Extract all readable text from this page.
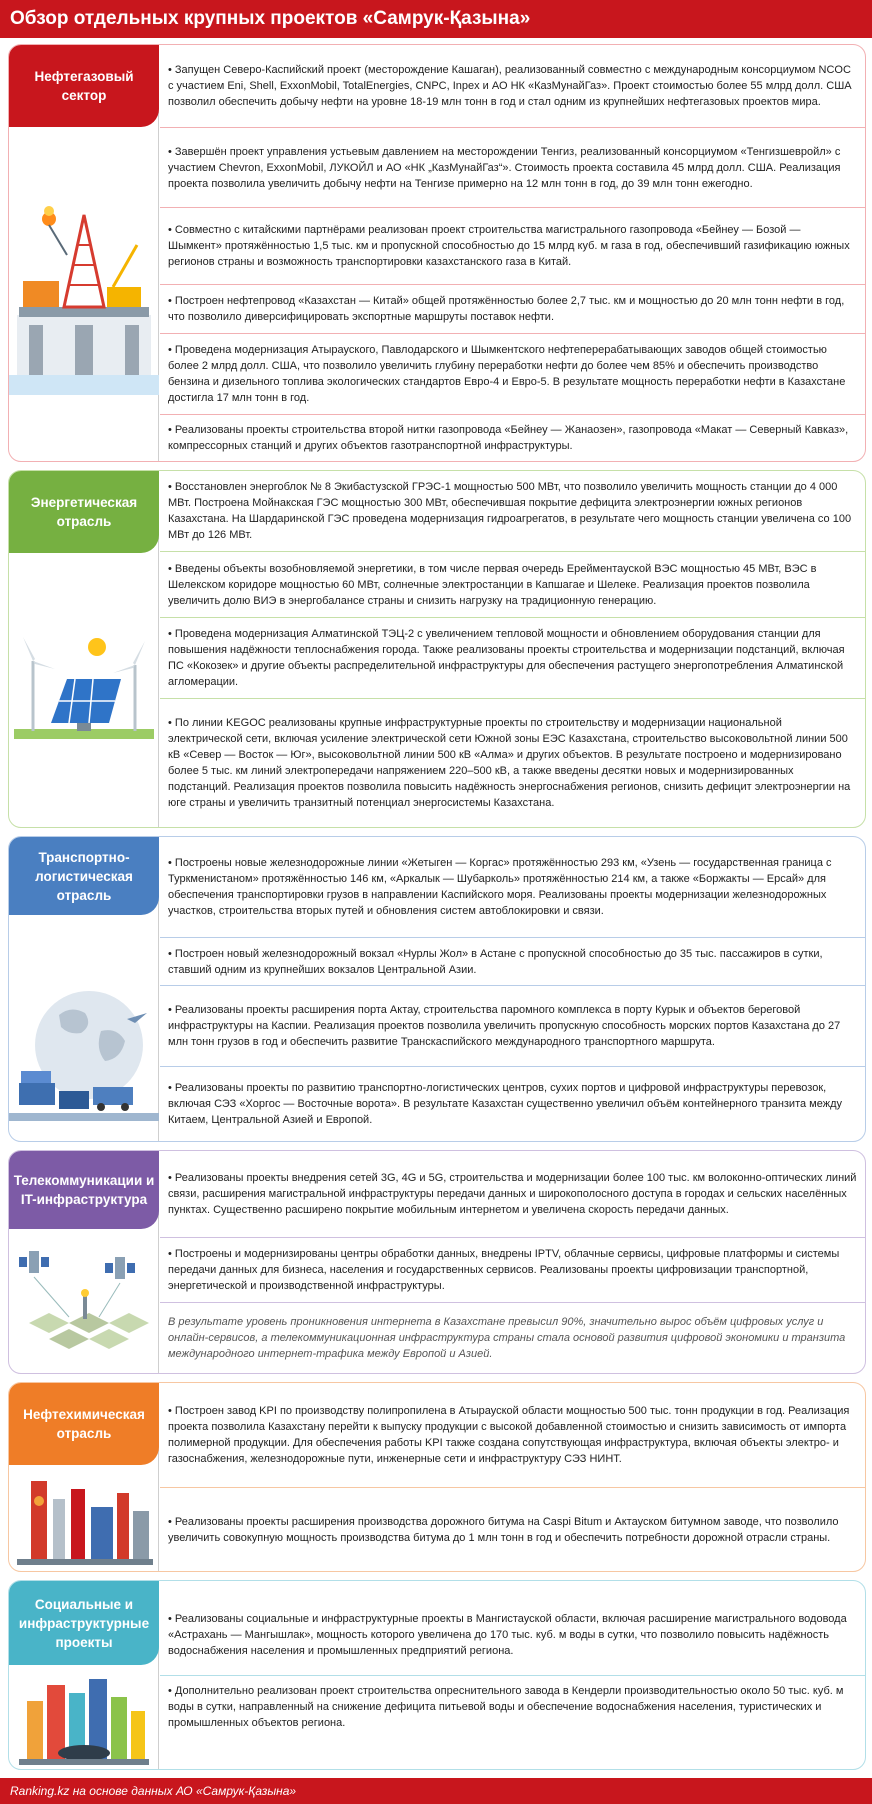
Обзор отдельных крупных проектов «Самрук-Қазына»
Нефтегазовый сектор

• Запущен Северо-Каспийский проект (месторождение Кашаган), реализованный совместно с международным консорциумом NCOC с участием Eni, Shell, ExxonMobil, TotalEnergies, CNPC, Inpex и АО НК «КазМунайГаз». Проект стоимостью более 55 млрд долл. США позволил обеспечить добычу нефти на уровне 18-19 млн тонн в год и стал одним из крупнейших нефтегазовых проектов мира.

• Завершён проект управления устьевым давлением на месторождении Тенгиз, реализованный консорциумом «Тенгизшевройл» с участием Chevron, ExxonMobil, ЛУКОЙЛ и АО «НК „КазМунайГаз“». Стоимость проекта составила 45 млрд долл. США. Реализация проекта позволила увеличить добычу нефти на Тенгизе примерно на 12 млн тонн в год, до 39 млн тонн ежегодно.

• Совместно с китайскими партнёрами реализован проект строительства магистрального газопровода «Бейнеу — Бозой — Шымкент» протяжённостью 1,5 тыс. км и пропускной способностью до 15 млрд куб. м газа в год, обеспечивший газификацию южных регионов страны и возможность транспортировки казахстанского газа в Китай.

• Построен нефтепровод «Казахстан — Китай» общей протяжённостью более 2,7 тыс. км и мощностью до 20 млн тонн нефти в год, что позволило диверсифицировать экспортные маршруты поставок нефти.

• Проведена модернизация Атырауского, Павлодарского и Шымкентского нефтеперерабатывающих заводов общей стоимостью более 2 млрд долл. США, что позволило увеличить глубину переработки нефти до более чем 85% и обеспечить производство бензина и дизельного топлива экологических стандартов Евро-4 и Евро-5. В результате мощность переработки нефти в Казахстане достигла 17 млн тонн в год.

• Реализованы проекты строительства второй нитки газопровода «Бейнеу — Жанаозен», газопровода «Макат — Северный Кавказ», компрессорных станций и других объектов газотранспортной инфраструктуры.

Энергетическая отрасль

• Восстановлен энергоблок № 8 Экибастузской ГРЭС-1 мощностью 500 МВт, что позволило увеличить мощность станции до 4 000 МВт. Построена Мойнакская ГЭС мощностью 300 МВт, обеспечившая покрытие дефицита электроэнергии южных регионов Казахстана. На Шардаринской ГЭС проведена модернизация гидроагрегатов, в результате чего мощность станции увеличена со 100 МВт до 126 МВт.

• Введены объекты возобновляемой энергетики, в том числе первая очередь Ерейментауской ВЭС мощностью 45 МВт, ВЭС в Шелекском коридоре мощностью 60 МВт, солнечные электростанции в Капшагае и Шелеке. Реализация проектов позволила увеличить долю ВИЭ в энергобалансе страны и снизить нагрузку на традиционную генерацию.

• Проведена модернизация Алматинской ТЭЦ-2 с увеличением тепловой мощности и обновлением оборудования станции для повышения надёжности теплоснабжения города. Также реализованы проекты строительства и модернизации подстанций, включая ПС «Кокозек» и другие объекты распределительной инфраструктуры для обеспечения растущего энергопотребления Алматинской агломерации.

• По линии KEGOC реализованы крупные инфраструктурные проекты по строительству и модернизации национальной электрической сети, включая усиление электрической сети Южной зоны ЕЭС Казахстана, строительство высоковольтной линии 500 кВ «Север — Восток — Юг», высоковольтной линии 500 кВ «Алма» и других объектов. В результате построено и модернизировано более 5 тыс. км линий электропередачи напряжением 220–500 кВ, а также введены десятки новых и модернизированных подстанций. Реализация проектов позволила повысить надёжность энергоснабжения регионов, снизить дефицит электроэнергии на юге страны и увеличить транзитный потенциал энергосистемы Казахстана.

Транспортно-логистическая отрасль

• Построены новые железнодорожные линии «Жетыген — Коргас» протяжённостью 293 км, «Узень — государственная граница с Туркменистаном» протяжённостью 146 км, «Аркалык — Шубарколь» протяжённостью 214 км, а также «Боржакты — Ерсай» для обеспечения транспортировки грузов в направлении Каспийского моря. Реализованы проекты модернизации железнодорожных участков, строительства вторых путей и обновления систем автоблокировки и связи.

• Построен новый железнодорожный вокзал «Нурлы Жол» в Астане с пропускной способностью до 35 тыс. пассажиров в сутки, ставший одним из крупнейших вокзалов Центральной Азии.

• Реализованы проекты расширения порта Актау, строительства паромного комплекса в порту Курык и объектов береговой инфраструктуры на Каспии. Реализация проектов позволила увеличить пропускную способность морских портов Казахстана до 27 млн тонн грузов в год и обеспечить развитие Транскаспийского международного транспортного маршрута.

• Реализованы проекты по развитию транспортно-логистических центров, сухих портов и цифровой инфраструктуры перевозок, включая СЭЗ «Хоргос — Восточные ворота». В результате Казахстан существенно увеличил объём контейнерного транзита между Китаем, Центральной Азией и Европой.

Телекоммуникации и IT-инфраструктура

• Реализованы проекты внедрения сетей 3G, 4G и 5G, строительства и модернизации более 100 тыс. км волоконно-оптических линий связи, расширения магистральной инфраструктуры передачи данных и широкополосного доступа в городах и сельских населённых пунктах. Существенно расширено покрытие мобильным интернетом и увеличена скорость передачи данных.

• Построены и модернизированы центры обработки данных, внедрены IPTV, облачные сервисы, цифровые платформы и системы передачи данных для бизнеса, населения и государственных сервисов. Реализованы проекты цифровизации транспортной, энергетической и производственной инфраструктуры.

В результате уровень проникновения интернета в Казахстане превысил 90%, значительно вырос объём цифровых услуг и онлайн-сервисов, а телекоммуникационная инфраструктура страны стала основой развития цифровой экономики и транзита международного интернет-трафика между Европой и Азией.

Нефтехимическая отрасль

• Построен завод KPI по производству полипропилена в Атырауской области мощностью 500 тыс. тонн продукции в год. Реализация проекта позволила Казахстану перейти к выпуску продукции с высокой добавленной стоимостью и снизить зависимость от импорта полимерной продукции. Для обеспечения работы KPI также создана сопутствующая инфраструктура, включая объекты электро- и газоснабжения, железнодорожные пути, инженерные сети и инфраструктуру СЭЗ НИНТ.

• Реализованы проекты расширения производства дорожного битума на Caspi Bitum и Актауском битумном заводе, что позволило увеличить совокупную мощность производства битума до 1 млн тонн в год и обеспечить потребности дорожной отрасли страны.

Социальные и инфраструктурные проекты

• Реализованы социальные и инфраструктурные проекты в Мангистауской области, включая расширение магистрального водовода «Астрахань — Мангышлак», мощность которого увеличена до 170 тыс. куб. м воды в сутки, что позволило повысить надёжность водоснабжения населения и промышленных предприятий региона.

• Дополнительно реализован проект строительства опреснительного завода в Кендерли производительностью около 50 тыс. куб. м воды в сутки, направленный на снижение дефицита питьевой воды и обеспечение водоснабжения населения, туристических и промышленных объектов региона.

Ranking.kz на основе данных АО «Самрук-Қазына»
